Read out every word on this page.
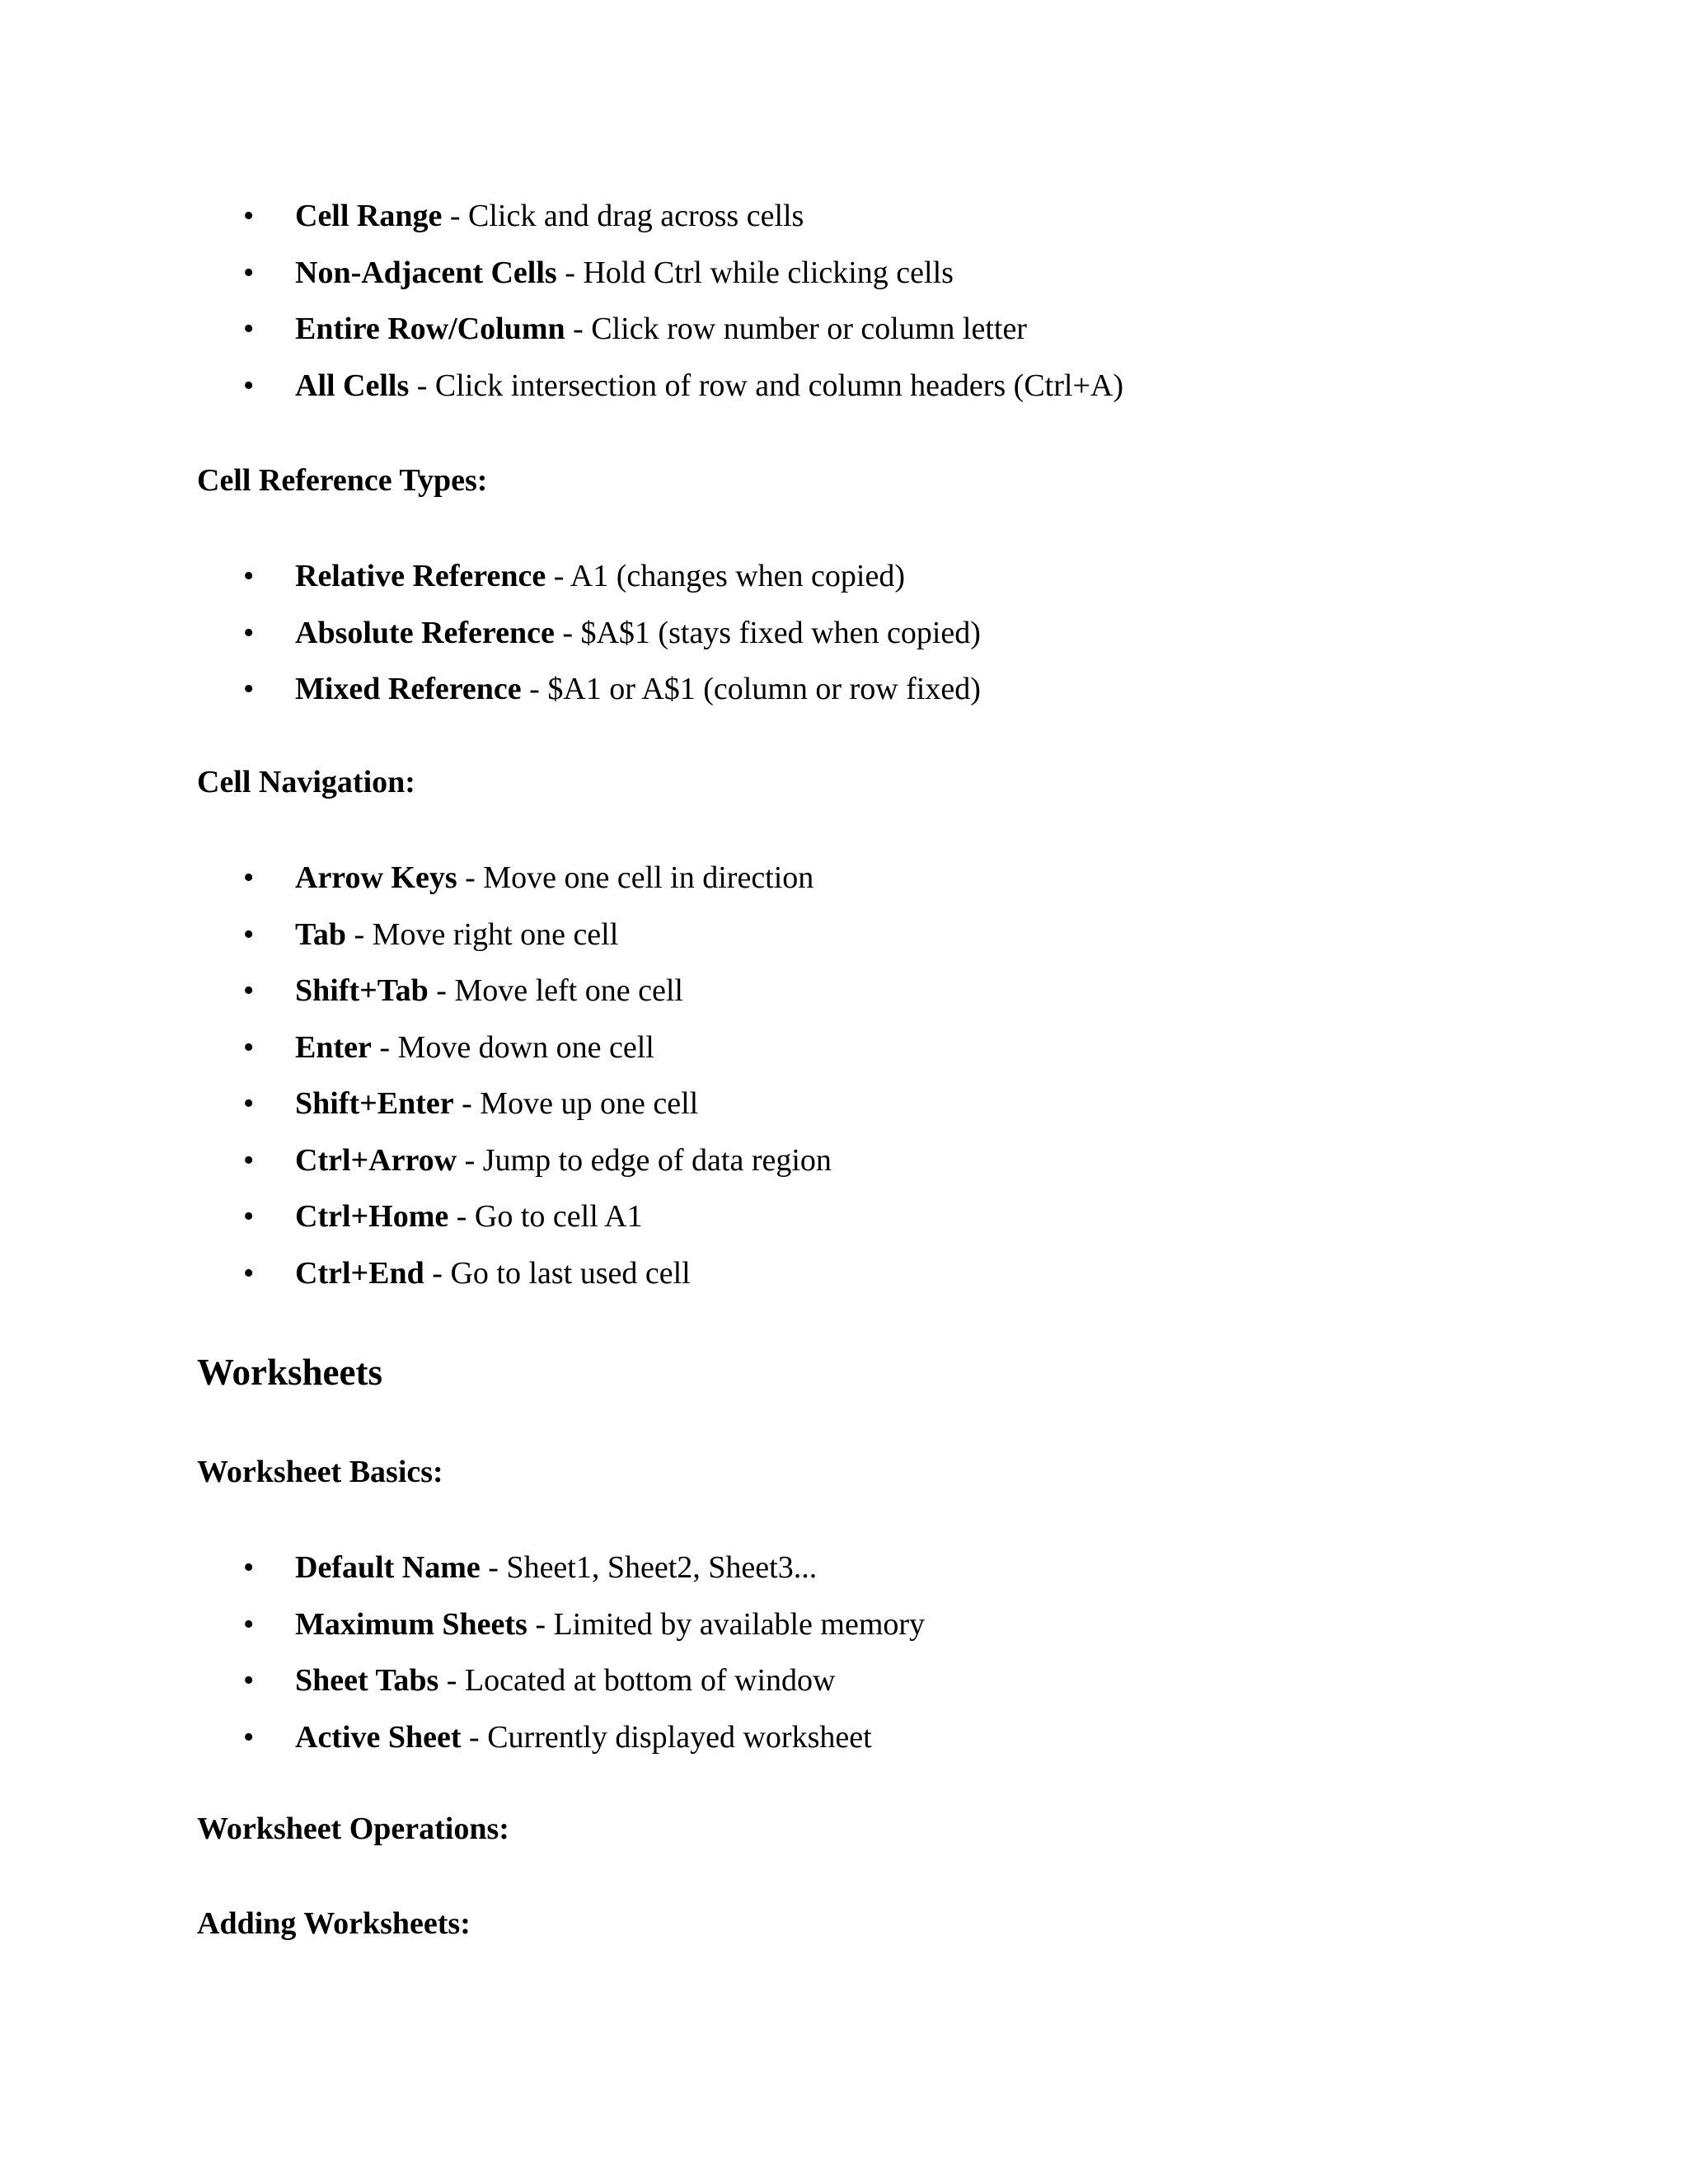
• Cell Range - Click and drag across cells
• Non-Adjacent Cells - Hold Ctrl while clicking cells
• Entire Row/Column - Click row number or column letter
• All Cells - Click intersection of row and column headers (Ctrl+A)
Cell Reference Types:
• Relative Reference - A1 (changes when copied)
• Absolute Reference - $A$1 (stays fixed when copied)
• Mixed Reference - $A1 or A$1 (column or row fixed)
Cell Navigation:
• Arrow Keys - Move one cell in direction
• Tab - Move right one cell
• Shift+Tab - Move left one cell
• Enter - Move down one cell
• Shift+Enter - Move up one cell
• Ctrl+Arrow - Jump to edge of data region
• Ctrl+Home - Go to cell A1
• Ctrl+End - Go to last used cell
Worksheets
Worksheet Basics:
• Default Name - Sheet1, Sheet2, Sheet3...
• Maximum Sheets - Limited by available memory
• Sheet Tabs - Located at bottom of window
• Active Sheet - Currently displayed worksheet
Worksheet Operations:
Adding Worksheets:
